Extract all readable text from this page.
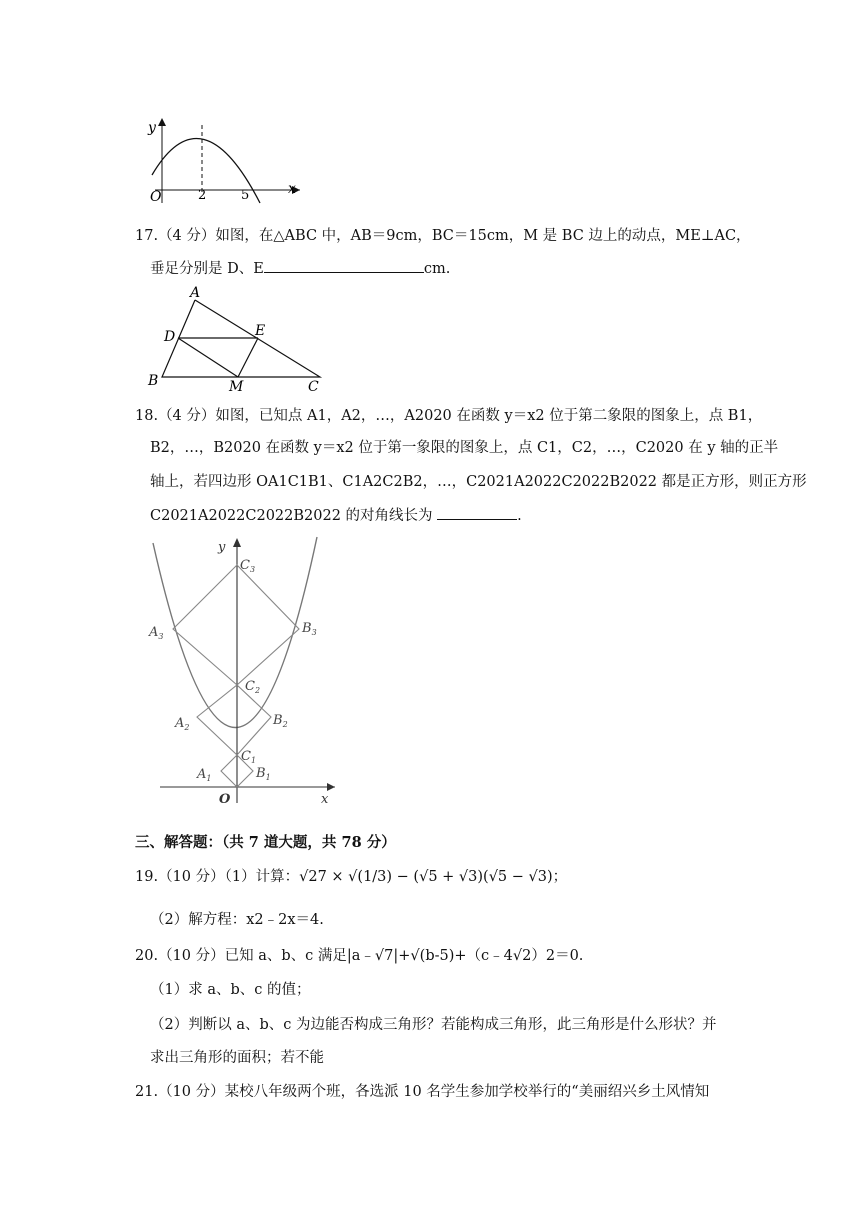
y
O	2	5	x
17.（4 分）如图，在△ABC 中，AB＝9cm，BC＝15cm，M 是 BC 边上的动点，ME⊥AC，
垂足分别是 D、E	cm.
A
D	E
B	M	C
18.（4 分）如图，已知点 A1，A2，…，A2020 在函数 y＝x2 位于第二象限的图象上，点 B1，
B2，…，B2020 在函数 y＝x2 位于第一象限的图象上，点 C1，C2，…，C2020 在 y 轴的正半
轴上，若四边形 OA1C1B1、C1A2C2B2，…，C2021A2022C2022B2022 都是正方形，则正方形
C2021A2022C2022B2022 的对角线长为	.
y
x
O
$C_3$
$A_3$
$B_3$
$C_2$
$A_2$	$B_2$
$C_1$
$A_1$	$B_1$
三、解答题：（共 7 道大题，共 78 分）
19.（10 分）（1）计算：√27 × √(1/3) − (√5 + √3)(√5 − √3)；
（2）解方程：x2﹣2x＝4.
20.（10 分）已知 a、b、c 满足|a﹣√7|+√(b-5)+（c﹣4√2）2＝0.
（1）求 a、b、c 的值；
（2）判断以 a、b、c 为边能否构成三角形？若能构成三角形，此三角形是什么形状？并
求出三角形的面积；若不能
21.（10 分）某校八年级两个班，各选派 10 名学生参加学校举行的“美丽绍兴乡土风情知
